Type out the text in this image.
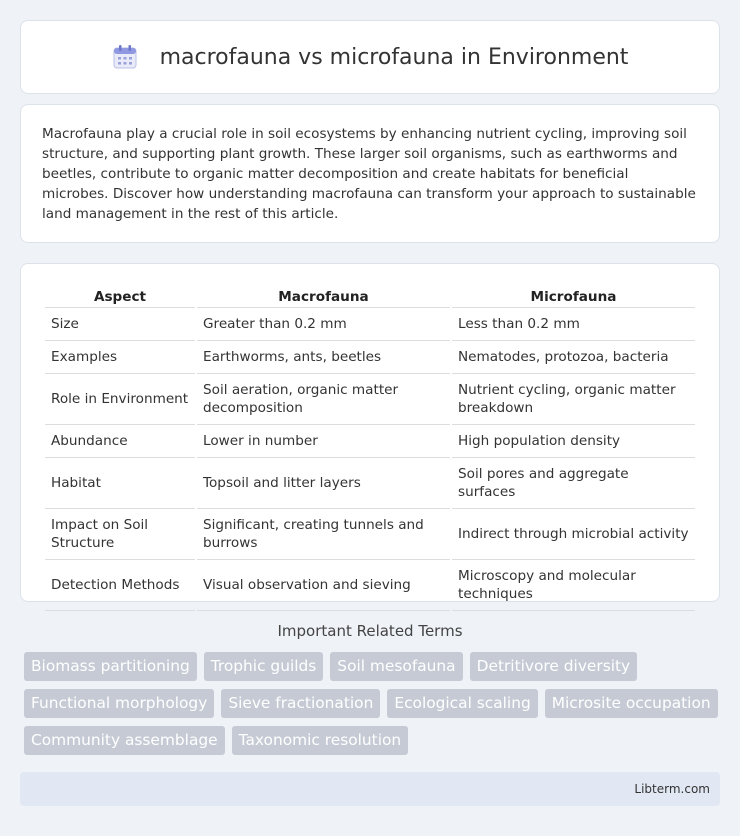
macrofauna vs microfauna in Environment

Macrofauna play a crucial role in soil ecosystems by enhancing nutrient cycling, improving soil structure, and supporting plant growth. These larger soil organisms, such as earthworms and beetles, contribute to organic matter decomposition and create habitats for beneficial microbes. Discover how understanding macrofauna can transform your approach to sustainable land management in the rest of this article.

Aspect	Macrofauna	Microfauna
Size	Greater than 0.2 mm	Less than 0.2 mm
Examples	Earthworms, ants, beetles	Nematodes, protozoa, bacteria
Role in Environment	Soil aeration, organic matter decomposition	Nutrient cycling, organic matter breakdown
Abundance	Lower in number	High population density
Habitat	Topsoil and litter layers	Soil pores and aggregate surfaces
Impact on Soil Structure	Significant, creating tunnels and burrows	Indirect through microbial activity
Detection Methods	Visual observation and sieving	Microscopy and molecular techniques
Important Related Terms
Biomass partitioning	Trophic guilds	Soil mesofauna	Detritivore diversity
Functional morphology	Sieve fractionation	Ecological scaling	Microsite occupation
Community assemblage	Taxonomic resolution
Libterm.com
